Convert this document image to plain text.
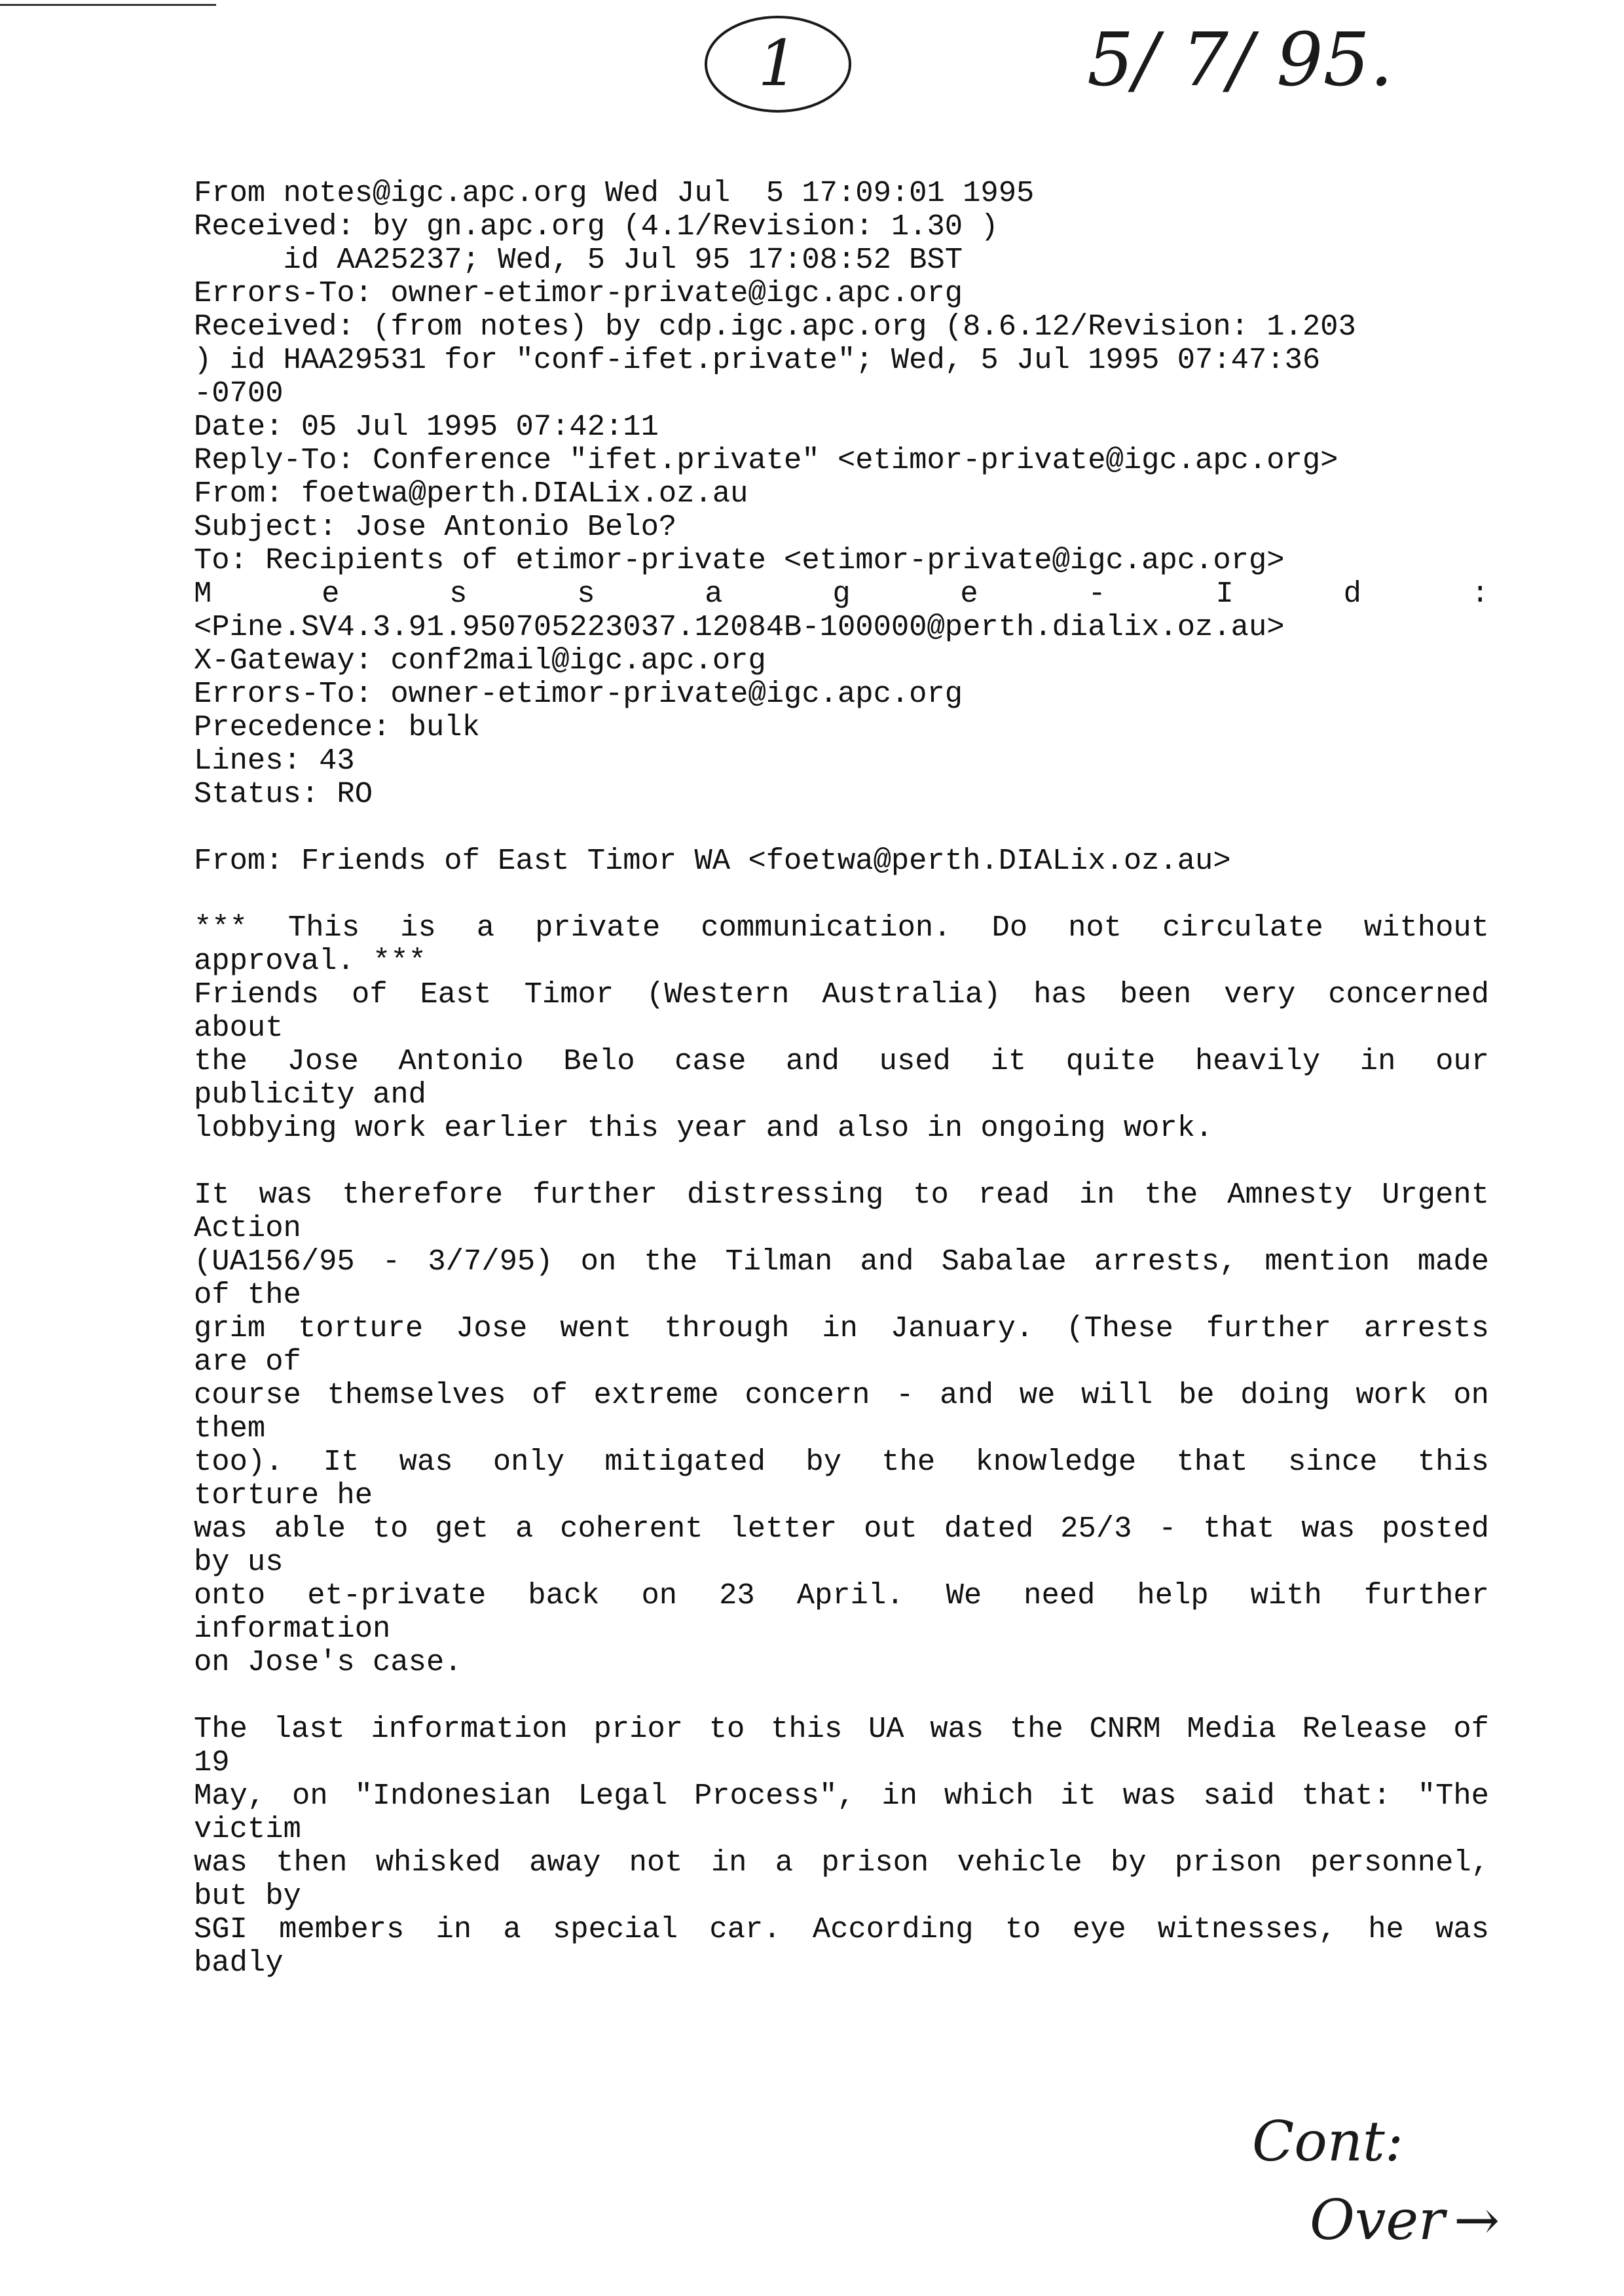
1	5/ 7/ 95.
Cont:
Over →
From notes@igc.apc.org Wed Jul  5 17:09:01 1995
Received: by gn.apc.org (4.1/Revision: 1.30 )
id AA25237; Wed, 5 Jul 95 17:08:52 BST
Errors-To: owner-etimor-private@igc.apc.org
Received: (from notes) by cdp.igc.apc.org (8.6.12/Revision: 1.203
) id HAA29531 for "conf-ifet.private"; Wed, 5 Jul 1995 07:47:36
-0700
Date: 05 Jul 1995 07:42:11
Reply-To: Conference "ifet.private" <etimor-private@igc.apc.org>
From: foetwa@perth.DIALix.oz.au
Subject: Jose Antonio Belo?
To: Recipients of etimor-private <etimor-private@igc.apc.org>
M e s s a g e - I d :
<Pine.SV4.3.91.950705223037.12084B-100000@perth.dialix.oz.au>
X-Gateway: conf2mail@igc.apc.org
Errors-To: owner-etimor-private@igc.apc.org
Precedence: bulk
Lines: 43
Status: RO
From: Friends of East Timor WA <foetwa@perth.DIALix.oz.au>
*** This is a private communication. Do not circulate without
approval. ***
Friends of East Timor (Western Australia) has been very concerned
about
the Jose Antonio Belo case and used it quite heavily in our
publicity and
lobbying work earlier this year and also in ongoing work.
It was therefore further distressing to read in the Amnesty Urgent
Action
(UA156/95 - 3/7/95) on the Tilman and Sabalae arrests, mention made
of the
grim torture Jose went through in January. (These further arrests
are of
course themselves of extreme concern - and we will be doing work on
them
too). It was only mitigated by the knowledge that since this
torture he
was able to get a coherent letter out dated 25/3 - that was posted
by us
onto et-private back on 23 April. We need help with further
information
on Jose's case.
The last information prior to this UA was the CNRM Media Release of
19
May, on "Indonesian Legal Process", in which it was said that: "The
victim
was then whisked away not in a prison vehicle by prison personnel,
but by
SGI members in a special car. According to eye witnesses, he was
badly
